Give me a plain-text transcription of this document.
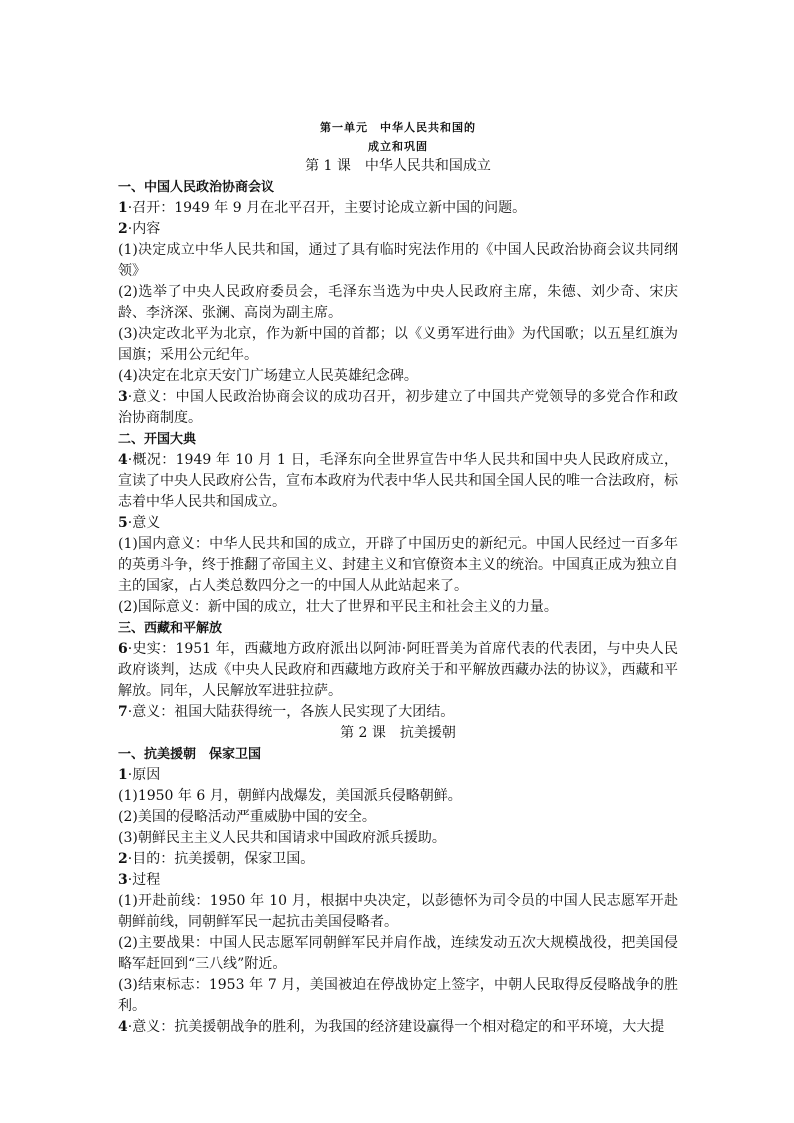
第一单元　中华人民共和国的
成立和巩固
第 1 课　中华人民共和国成立
一、中国人民政治协商会议

1·召开：1949 年 9 月在北平召开，主要讨论成立新中国的问题。

2·内容

(1)决定成立中华人民共和国，通过了具有临时宪法作用的《中国人民政治协商会议共同纲领》

(2)选举了中央人民政府委员会，毛泽东当选为中央人民政府主席，朱德、刘少奇、宋庆龄、李济深、张澜、高岗为副主席。

(3)决定改北平为北京，作为新中国的首都；以《义勇军进行曲》为代国歌；以五星红旗为国旗；采用公元纪年。

(4)决定在北京天安门广场建立人民英雄纪念碑。

3·意义：中国人民政治协商会议的成功召开，初步建立了中国共产党领导的多党合作和政治协商制度。

二、开国大典

4·概况：1949 年 10 月 1 日，毛泽东向全世界宣告中华人民共和国中央人民政府成立，宣读了中央人民政府公告，宣布本政府为代表中华人民共和国全国人民的唯一合法政府，标志着中华人民共和国成立。

5·意义

(1)国内意义：中华人民共和国的成立，开辟了中国历史的新纪元。中国人民经过一百多年的英勇斗争，终于推翻了帝国主义、封建主义和官僚资本主义的统治。中国真正成为独立自主的国家，占人类总数四分之一的中国人从此站起来了。

(2)国际意义：新中国的成立，壮大了世界和平民主和社会主义的力量。

三、西藏和平解放

6·史实：1951 年，西藏地方政府派出以阿沛·阿旺晋美为首席代表的代表团，与中央人民政府谈判，达成《中央人民政府和西藏地方政府关于和平解放西藏办法的协议》，西藏和平解放。同年，人民解放军进驻拉萨。

7·意义：祖国大陆获得统一，各族人民实现了大团结。

第 2 课　抗美援朝
一、抗美援朝　保家卫国

1·原因

(1)1950 年 6 月，朝鲜内战爆发，美国派兵侵略朝鲜。

(2)美国的侵略活动严重威胁中国的安全。

(3)朝鲜民主主义人民共和国请求中国政府派兵援助。

2·目的：抗美援朝，保家卫国。

3·过程

(1)开赴前线：1950 年 10 月，根据中央决定，以彭德怀为司令员的中国人民志愿军开赴朝鲜前线，同朝鲜军民一起抗击美国侵略者。

(2)主要战果：中国人民志愿军同朝鲜军民并肩作战，连续发动五次大规模战役，把美国侵略军赶回到“三八线”附近。

(3)结束标志：1953 年 7 月，美国被迫在停战协定上签字，中朝人民取得反侵略战争的胜利。

4·意义：抗美援朝战争的胜利，为我国的经济建设赢得一个相对稳定的和平环境，大大提
